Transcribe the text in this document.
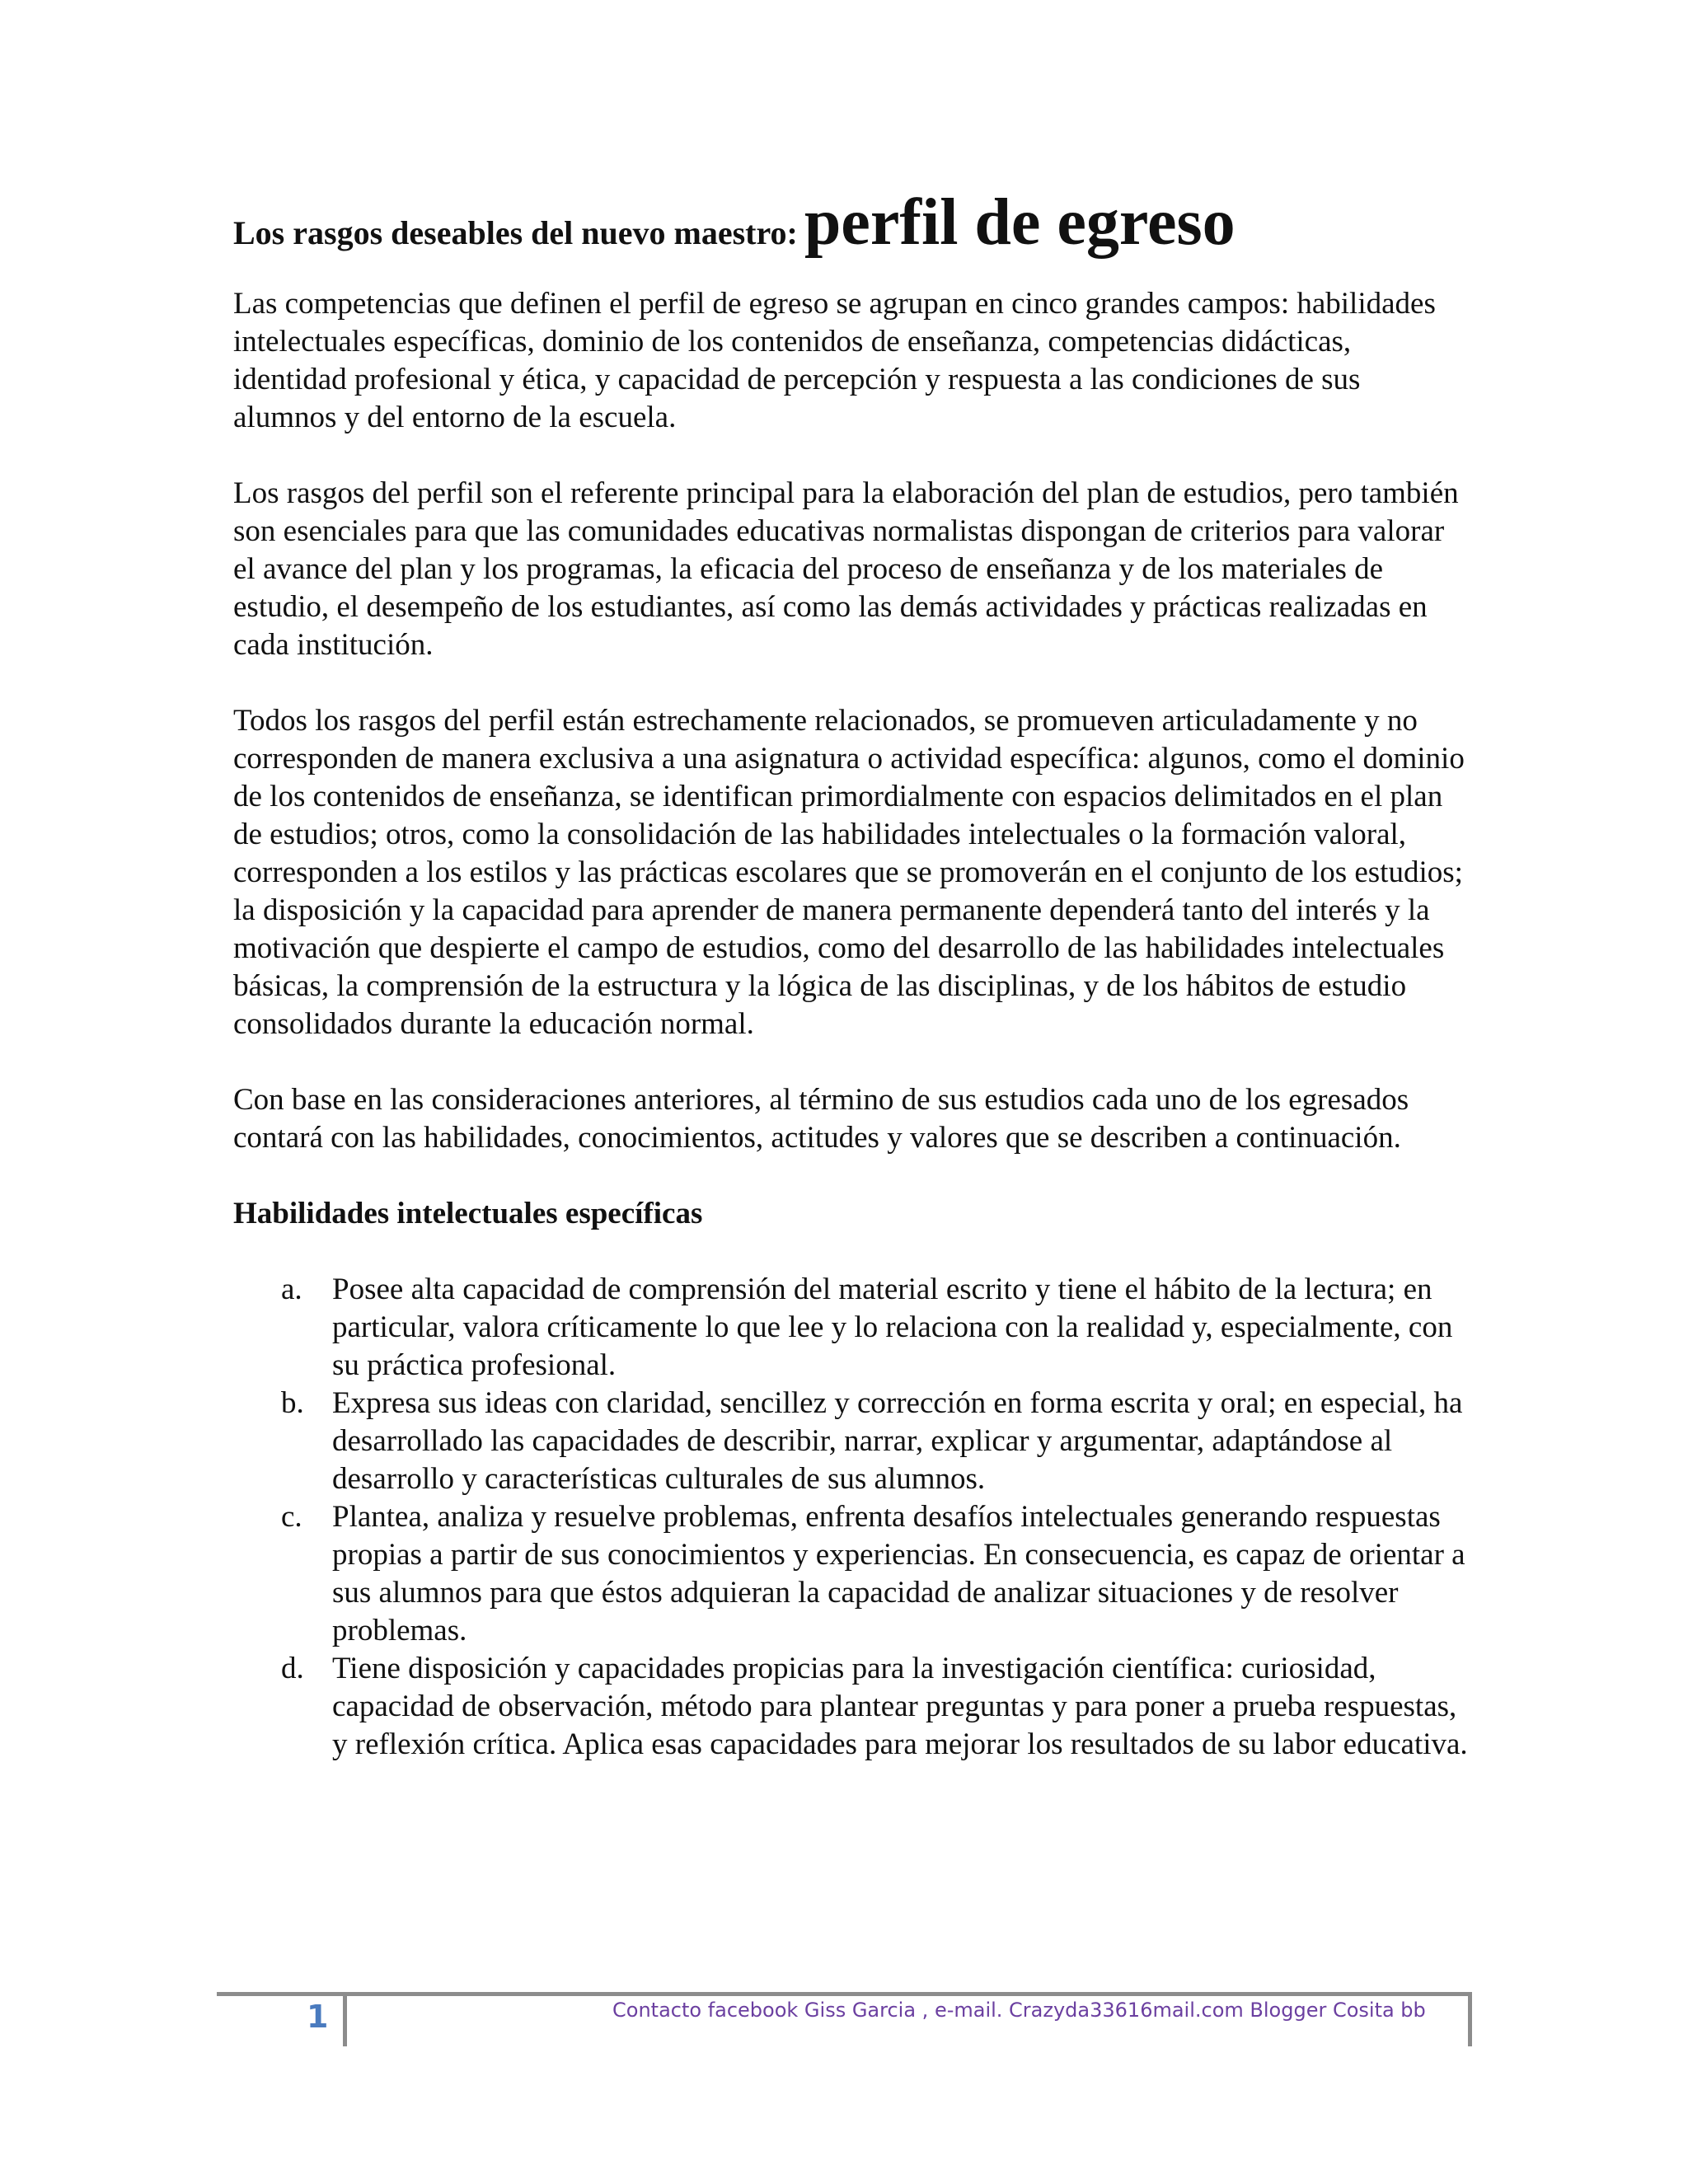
Los rasgos deseables del nuevo maestro: perfil de egreso

Las competencias que definen el perfil de egreso se agrupan en cinco grandes campos: habilidades intelectuales específicas, dominio de los contenidos de enseñanza, competencias didácticas, identidad profesional y ética, y capacidad de percepción y respuesta a las condiciones de sus alumnos y del entorno de la escuela.

Los rasgos del perfil son el referente principal para la elaboración del plan de estudios, pero también son esenciales para que las comunidades educativas normalistas dispongan de criterios para valorar el avance del plan y los programas, la eficacia del proceso de enseñanza y de los materiales de estudio, el desempeño de los estudiantes, así como las demás actividades y prácticas realizadas en cada institución.

Todos los rasgos del perfil están estrechamente relacionados, se promueven articuladamente y no corresponden de manera exclusiva a una asignatura o actividad específica: algunos, como el dominio de los contenidos de enseñanza, se identifican primordialmente con espacios delimitados en el plan de estudios; otros, como la consolidación de las habilidades intelectuales o la formación valoral, corresponden a los estilos y las prácticas escolares que se promoverán en el conjunto de los estudios; la disposición y la capacidad para aprender de manera permanente dependerá tanto del interés y la motivación que despierte el campo de estudios, como del desarrollo de las habilidades intelectuales básicas, la comprensión de la estructura y la lógica de las disciplinas, y de los hábitos de estudio consolidados durante la educación normal.

Con base en las consideraciones anteriores, al término de sus estudios cada uno de los egresados contará con las habilidades, conocimientos, actitudes y valores que se describen a continuación.

Habilidades intelectuales específicas
a. Posee alta capacidad de comprensión del material escrito y tiene el hábito de la lectura; en particular, valora críticamente lo que lee y lo relaciona con la realidad y, especialmente, con su práctica profesional.
b. Expresa sus ideas con claridad, sencillez y corrección en forma escrita y oral; en especial, ha desarrollado las capacidades de describir, narrar, explicar y argumentar, adaptándose al desarrollo y características culturales de sus alumnos.
c. Plantea, analiza y resuelve problemas, enfrenta desafíos intelectuales generando respuestas propias a partir de sus conocimientos y experiencias. En consecuencia, es capaz de orientar a sus alumnos para que éstos adquieran la capacidad de analizar situaciones y de resolver problemas.
d. Tiene disposición y capacidades propicias para la investigación científica: curiosidad, capacidad de observación, método para plantear preguntas y para poner a prueba respuestas, y reflexión crítica. Aplica esas capacidades para mejorar los resultados de su labor educativa.
1	Contacto facebook Giss Garcia , e-mail. Crazyda33616mail.com Blogger Cosita bb
